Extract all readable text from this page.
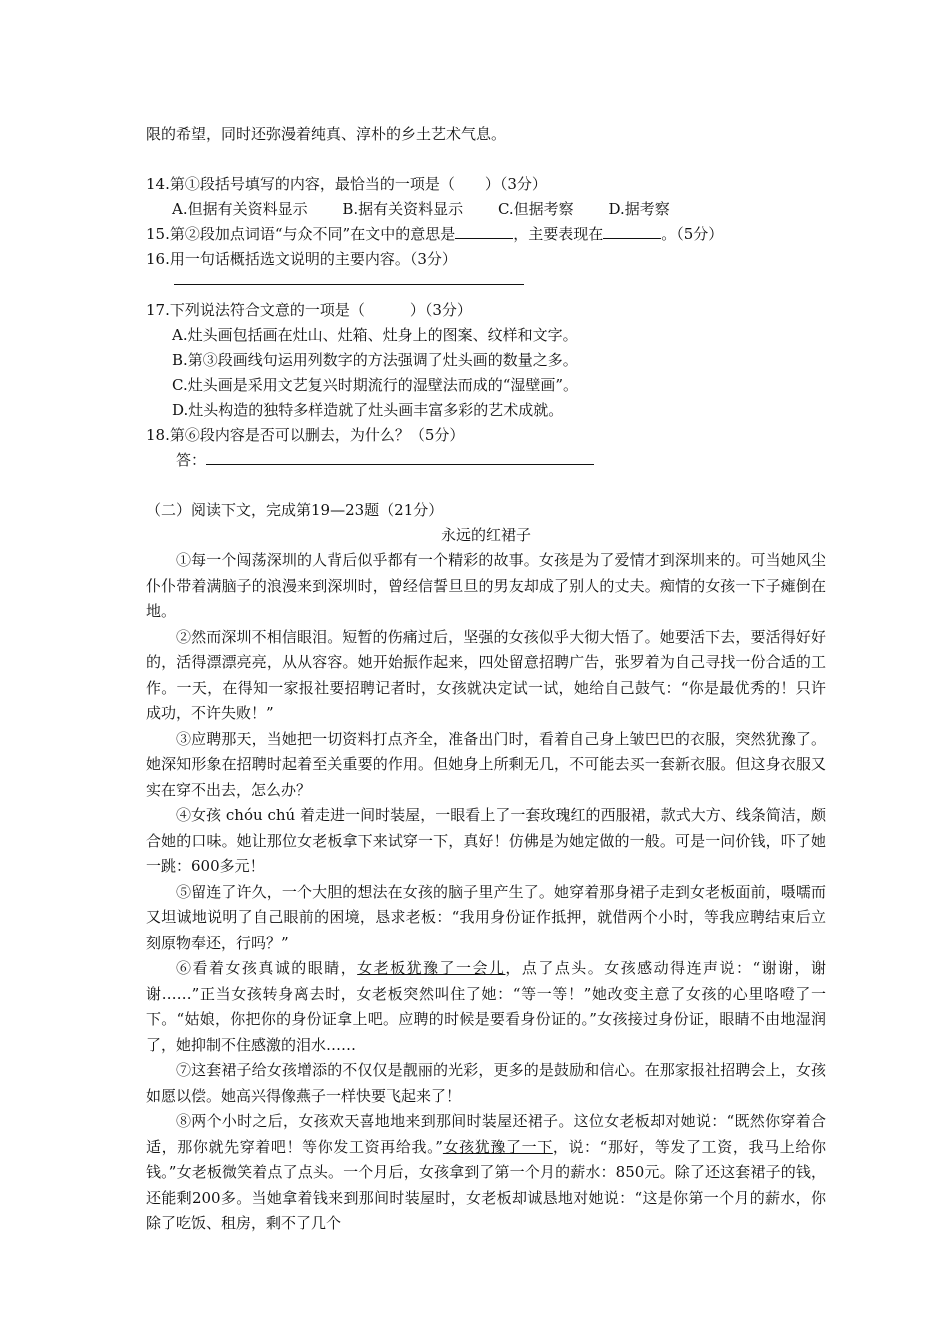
限的希望，同时还弥漫着纯真、淳朴的乡土艺术气息。
14.第①段括号填写的内容，最恰当的一项是（　　）（3分）
A.但据有关资料显示 B.据有关资料显示 C.但据考察 D.据考察
15.第②段加点词语“与众不同”在文中的意思是	，主要表现在	。（5分）
16.用一句话概括选文说明的主要内容。（3分）
17.下列说法符合文意的一项是（　　　）（3分）
A.灶头画包括画在灶山、灶箱、灶身上的图案、纹样和文字。
B.第③段画线句运用列数字的方法强调了灶头画的数量之多。
C.灶头画是采用文艺复兴时期流行的湿壁法而成的“湿壁画”。
D.灶头构造的独特多样造就了灶头画丰富多彩的艺术成就。
18.第⑥段内容是否可以删去，为什么？（5分）
答：
（二）阅读下文，完成第19—23题（21分）
永远的红裙子

①每一个闯荡深圳的人背后似乎都有一个精彩的故事。女孩是为了爱情才到深圳来的。可当她风尘仆仆带着满脑子的浪漫来到深圳时，曾经信誓旦旦的男友却成了别人的丈夫。痴情的女孩一下子瘫倒在地。

②然而深圳不相信眼泪。短暂的伤痛过后，坚强的女孩似乎大彻大悟了。她要活下去，要活得好好的，活得漂漂亮亮，从从容容。她开始振作起来，四处留意招聘广告，张罗着为自己寻找一份合适的工作。一天，在得知一家报社要招聘记者时，女孩就决定试一试，她给自己鼓气：“你是最优秀的！只许成功，不许失败！”

③应聘那天，当她把一切资料打点齐全，准备出门时，看着自己身上皱巴巴的衣服，突然犹豫了。她深知形象在招聘时起着至关重要的作用。但她身上所剩无几，不可能去买一套新衣服。但这身衣服又实在穿不出去，怎么办？

④女孩 chóu chú 着走进一间时装屋，一眼看上了一套玫瑰红的西服裙，款式大方、线条简洁，颇合她的口味。她让那位女老板拿下来试穿一下，真好！仿佛是为她定做的一般。可是一问价钱，吓了她一跳：600多元！

⑤留连了许久，一个大胆的想法在女孩的脑子里产生了。她穿着那身裙子走到女老板面前，嗫嚅而又坦诚地说明了自己眼前的困境，恳求老板：“我用身份证作抵押，就借两个小时，等我应聘结束后立刻原物奉还，行吗？”

⑥看着女孩真诚的眼睛，女老板犹豫了一会儿，点了点头。女孩感动得连声说：“谢谢，谢谢……”正当女孩转身离去时，女老板突然叫住了她：“等一等！”她改变主意了女孩的心里咯噔了一下。“姑娘，你把你的身份证拿上吧。应聘的时候是要看身份证的。”女孩接过身份证，眼睛不由地湿润了，她抑制不住感激的泪水……

⑦这套裙子给女孩增添的不仅仅是靓丽的光彩，更多的是鼓励和信心。在那家报社招聘会上，女孩如愿以偿。她高兴得像燕子一样快要飞起来了！

⑧两个小时之后，女孩欢天喜地地来到那间时装屋还裙子。这位女老板却对她说：“既然你穿着合适，那你就先穿着吧！等你发工资再给我。”女孩犹豫了一下，说：“那好，等发了工资，我马上给你钱。”女老板微笑着点了点头。一个月后，女孩拿到了第一个月的薪水：850元。除了还这套裙子的钱，还能剩200多。当她拿着钱来到那间时装屋时，女老板却诚恳地对她说：“这是你第一个月的薪水，你除了吃饭、租房，剩不了几个
